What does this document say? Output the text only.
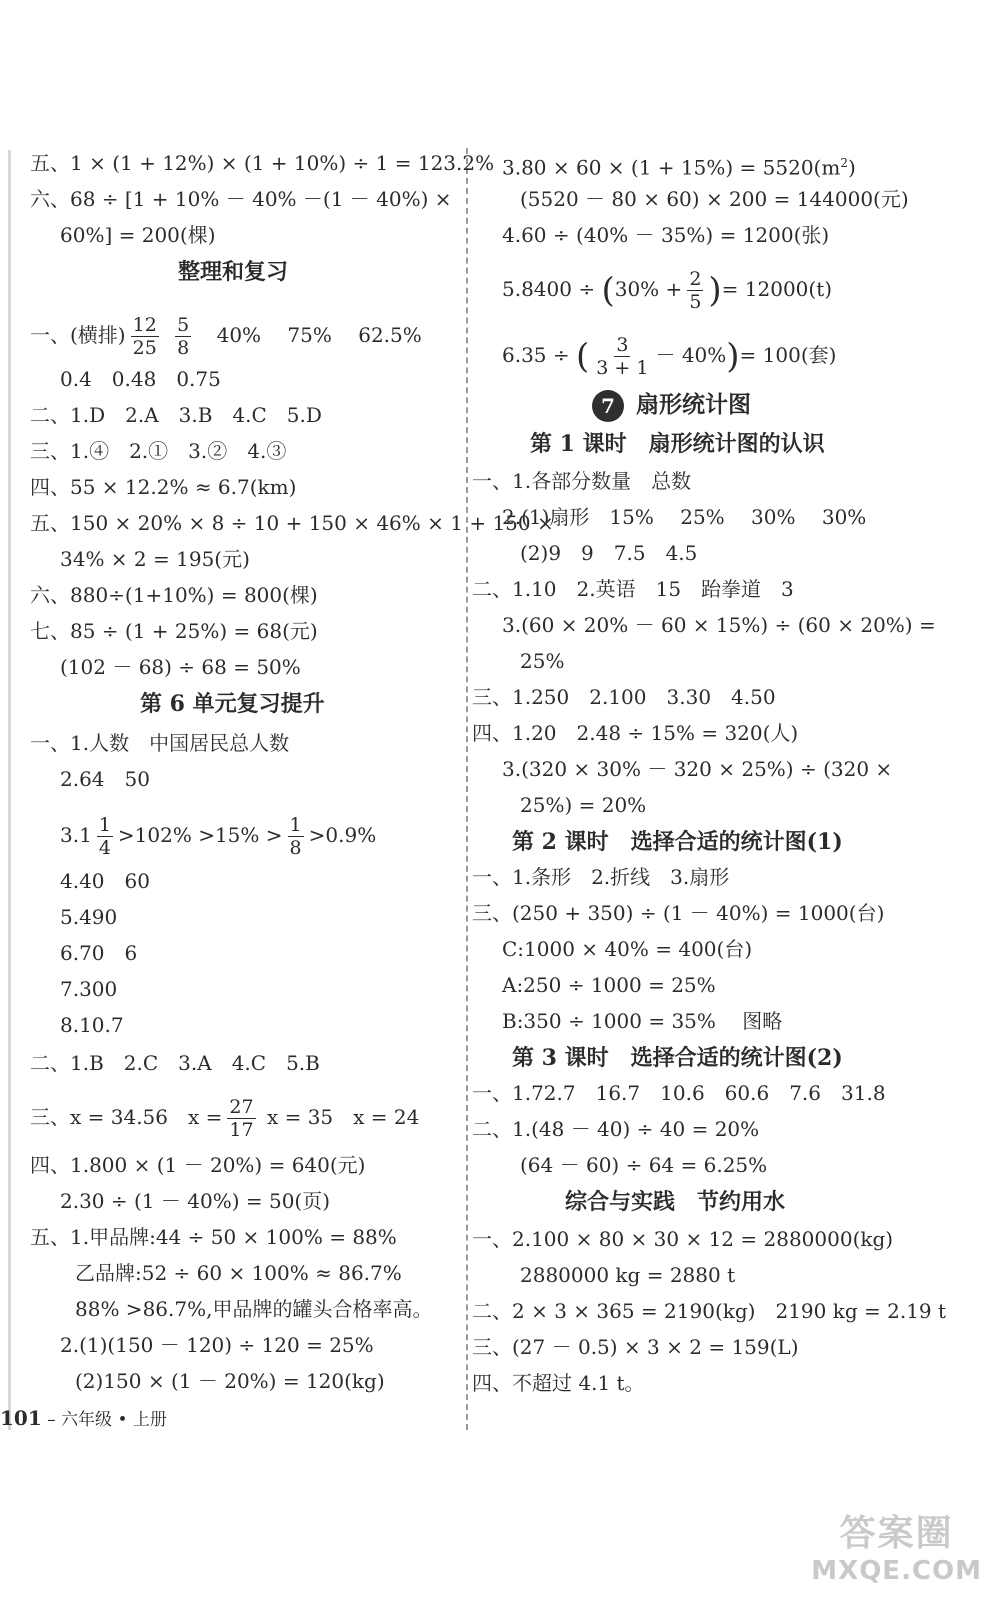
五、1 × (1 + 12%) × (1 + 10%) ÷ 1 = 123.2%
六、68 ÷ [1 + 10% － 40% －(1 － 40%) ×
60%] = 200(棵)
整理和复习
一、(横排) $\frac{12}{25}$
$\frac{5}{8} 40\%$　 75%　 62.5%
0.4　0.48　0.75
二、1.D　2.A　3.B　4.C　5.D
三、1.④　2.①　3.②　4.③
四、55 × 12.2% ≈ 6.7(km)
五、150 × 20% × 8 ÷ 10 + 150 × 46% × 1 + 150 ×
34% × 2 = 195(元)
六、880÷(1+10%) = 800(棵)
七、85 ÷ (1 + 25%) = 68(元)
(102 － 68) ÷ 68 = 50%
第 6 单元复习提升
一、1.人数　中国居民总人数
2.64　50
$3.1 \frac{1}{4} >102\% >15\% > \frac{1}{8} >0.9\%$
4.40　60
5.490
6.70　6
7.300
8.10.7
二、1.B　2.C　3.A　4.C　5.B
三、x = 34.56　$x = \frac{27}{17}$ x = 35　x = 24
四、1.800 × (1 － 20%) = 640(元)
2.30 ÷ (1 － 40%) = 50(页)
五、1.甲品牌:44 ÷ 50 × 100% = 88%
乙品牌:52 ÷ 60 × 100% ≈ 86.7%
88% >86.7%,甲品牌的罐头合格率高。
2.(1)(150 － 120) ÷ 120 = 25%
(2)150 × (1 － 20%) = 120(kg)
$3.80 \times 60 \times (1 + 15\%) = 5520(m^2)$
(5520 － 80 × 60) × 200 = 144000(元)
4.60 ÷ (40% － 35%) = 1200(张)
$5.8400 \div (30\% + \frac{2}{5}$ )= 12000(t)
6.35 ÷ ( $\frac{3}{3 + 1} - 40\%)= 100$(套)
7 扇形统计图
第 1 课时　扇形统计图的认识
一、1.各部分数量　总数
2.(1)扇形　15%　 25%　 30%　 30%
(2)9　9　7.5　4.5
二、1.10　2.英语　15　跆拳道　3
3.(60 × 20% － 60 × 15%) ÷ (60 × 20%) =
25%
三、1.250　2.100　3.30　4.50
四、1.20　2.48 ÷ 15% = 320(人)
3.(320 × 30% － 320 × 25%) ÷ (320 ×
25%) = 20%
第 2 课时　选择合适的统计图(1)
一、1.条形　2.折线　3.扇形
三、(250 + 350) ÷ (1 － 40%) = 1000(台)
C:1000 × 40% = 400(台)
A:250 ÷ 1000 = 25%
B:350 ÷ 1000 = 35%　 图略
第 3 课时　选择合适的统计图(2)
一、1.72.7　16.7　10.6　60.6　7.6　31.8
二、1.(48 － 40) ÷ 40 = 20%
(64 － 60) ÷ 64 = 6.25%
综合与实践　节约用水
一、2.100 × 80 × 30 × 12 = 2880000(kg)
2880000 kg = 2880 t
二、2 × 3 × 365 = 2190(kg)　2190 kg = 2.19 t
三、(27 － 0.5) × 3 × 2 = 159(L)
四、不超过 4.1 t。
101 – 六年级 • 上册
答案圈
MXQE.COM
